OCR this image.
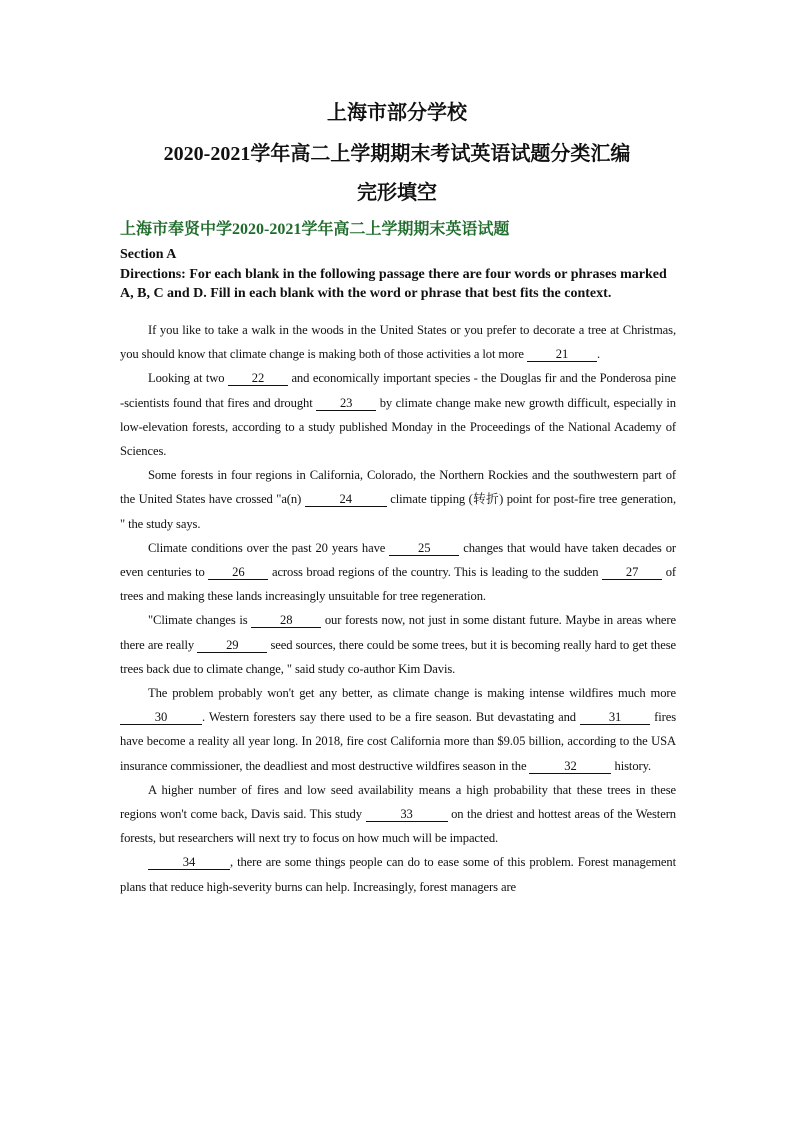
上海市部分学校
2020-2021学年高二上学期期末考试英语试题分类汇编
完形填空
上海市奉贤中学2020-2021学年高二上学期期末英语试题
Section A
Directions: For each blank in the following passage there are four words or phrases marked A, B, C and D. Fill in each blank with the word or phrase that best fits the context.

If you like to take a walk in the woods in the United States or you prefer to decorate a tree at Christmas, you should know that climate change is making both of those activities a lot more 21 .

Looking at two 22 and economically important species - the Douglas fir and the Ponderosa pine -scientists found that fires and drought 23 by climate change make new growth difficult, especially in low-elevation forests, according to a study published Monday in the Proceedings of the National Academy of Sciences.

Some forests in four regions in California, Colorado, the Northern Rockies and the southwestern part of the United States have crossed "a(n)	24	climate tipping (转折) point for post-fire tree generation, " the study says.

Climate conditions over the past 20 years have 25 changes that would have taken decades or even centuries to 26 across broad regions of the country. This is leading to the sudden 27 of trees and making these lands increasingly unsuitable for tree regeneration.

"Climate changes is 28 our forests now, not just in some distant future. Maybe in areas where there are really 29 seed sources, there could be some trees, but it is becoming really hard to get these trees back due to climate change, " said study co-author Kim Davis.

The problem probably won't get any better, as climate change is making intense wildfires much more 30	. Western foresters say there used to be a fire season. But devastating and 31 fires have become a reality all year long. In 2018, fire cost California more than $9.05 billion, according to the USA insurance commissioner, the deadliest and most destructive wildfires season in the	32	history.

A higher number of fires and low seed availability means a high probability that these trees in these regions won't come back, Davis said. This study	33	on the driest and hottest areas of the Western forests, but researchers will next try to focus on how much will be impacted.

34	, there are some things people can do to ease some of this problem. Forest management plans that reduce high-severity burns can help. Increasingly, forest managers are
